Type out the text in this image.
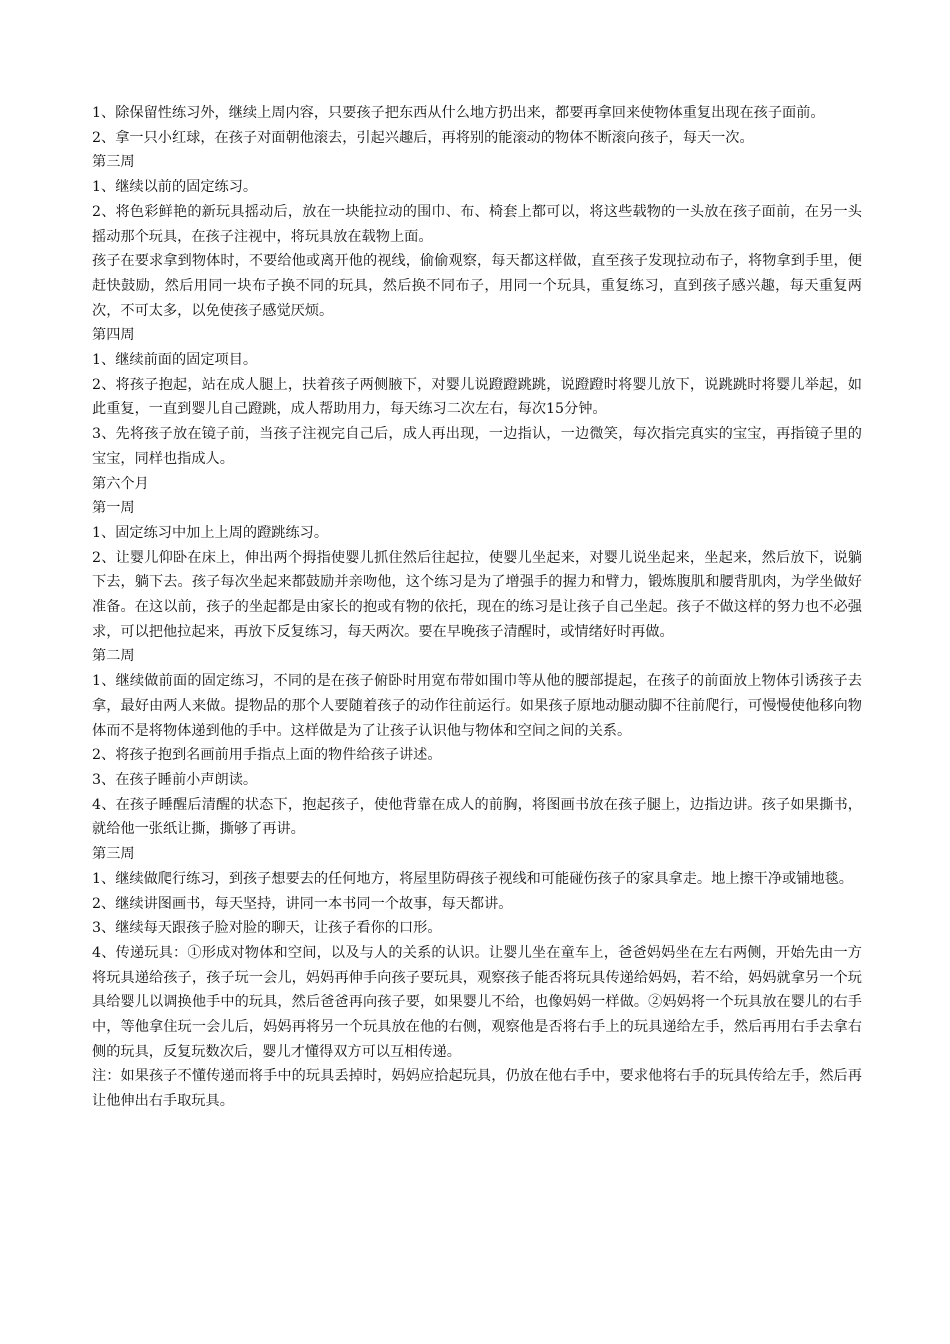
1、除保留性练习外，继续上周内容，只要孩子把东西从什么地方扔出来，都要再拿回来使物体重复出现在孩子面前。

2、拿一只小红球，在孩子对面朝他滚去，引起兴趣后，再将别的能滚动的物体不断滚向孩子，每天一次。

第三周

1、继续以前的固定练习。

2、将色彩鲜艳的新玩具摇动后，放在一块能拉动的围巾、布、椅套上都可以，将这些载物的一头放在孩子面前，在另一头摇动那个玩具，在孩子注视中，将玩具放在载物上面。

孩子在要求拿到物体时，不要给他或离开他的视线，偷偷观察，每天都这样做，直至孩子发现拉动布子，将物拿到手里，便赶快鼓励，然后用同一块布子换不同的玩具，然后换不同布子，用同一个玩具，重复练习，直到孩子感兴趣，每天重复两次，不可太多，以免使孩子感觉厌烦。

第四周

1、继续前面的固定项目。

2、将孩子抱起，站在成人腿上，扶着孩子两侧腋下，对婴儿说蹬蹬跳跳，说蹬蹬时将婴儿放下，说跳跳时将婴儿举起，如此重复，一直到婴儿自己蹬跳，成人帮助用力，每天练习二次左右，每次15分钟。

3、先将孩子放在镜子前，当孩子注视完自己后，成人再出现，一边指认，一边微笑，每次指完真实的宝宝，再指镜子里的宝宝，同样也指成人。

第六个月

第一周

1、固定练习中加上上周的蹬跳练习。

2、让婴儿仰卧在床上，伸出两个拇指使婴儿抓住然后往起拉，使婴儿坐起来，对婴儿说坐起来，坐起来，然后放下，说躺下去，躺下去。孩子每次坐起来都鼓励并亲吻他，这个练习是为了增强手的握力和臂力，锻炼腹肌和腰背肌肉，为学坐做好准备。在这以前，孩子的坐起都是由家长的抱或有物的依托，现在的练习是让孩子自己坐起。孩子不做这样的努力也不必强求，可以把他拉起来，再放下反复练习，每天两次。要在早晚孩子清醒时，或情绪好时再做。

第二周

1、继续做前面的固定练习，不同的是在孩子俯卧时用宽布带如围巾等从他的腰部提起，在孩子的前面放上物体引诱孩子去拿，最好由两人来做。提物品的那个人要随着孩子的动作往前运行。如果孩子原地动腿动脚不往前爬行，可慢慢使他移向物体而不是将物体递到他的手中。这样做是为了让孩子认识他与物体和空间之间的关系。

2、将孩子抱到名画前用手指点上面的物件给孩子讲述。

3、在孩子睡前小声朗读。

4、在孩子睡醒后清醒的状态下，抱起孩子，使他背靠在成人的前胸，将图画书放在孩子腿上，边指边讲。孩子如果撕书，就给他一张纸让撕，撕够了再讲。

第三周

1、继续做爬行练习，到孩子想要去的任何地方，将屋里防碍孩子视线和可能碰伤孩子的家具拿走。地上擦干净或铺地毯。

2、继续讲图画书，每天坚持，讲同一本书同一个故事，每天都讲。

3、继续每天跟孩子脸对脸的聊天，让孩子看你的口形。

4、传递玩具：①形成对物体和空间，以及与人的关系的认识。让婴儿坐在童车上，爸爸妈妈坐在左右两侧，开始先由一方将玩具递给孩子，孩子玩一会儿，妈妈再伸手向孩子要玩具，观察孩子能否将玩具传递给妈妈，若不给，妈妈就拿另一个玩具给婴儿以调换他手中的玩具，然后爸爸再向孩子要，如果婴儿不给，也像妈妈一样做。②妈妈将一个玩具放在婴儿的右手中，等他拿住玩一会儿后，妈妈再将另一个玩具放在他的右侧，观察他是否将右手上的玩具递给左手，然后再用右手去拿右侧的玩具，反复玩数次后，婴儿才懂得双方可以互相传递。

注：如果孩子不懂传递而将手中的玩具丢掉时，妈妈应拾起玩具，仍放在他右手中，要求他将右手的玩具传给左手，然后再让他伸出右手取玩具。
